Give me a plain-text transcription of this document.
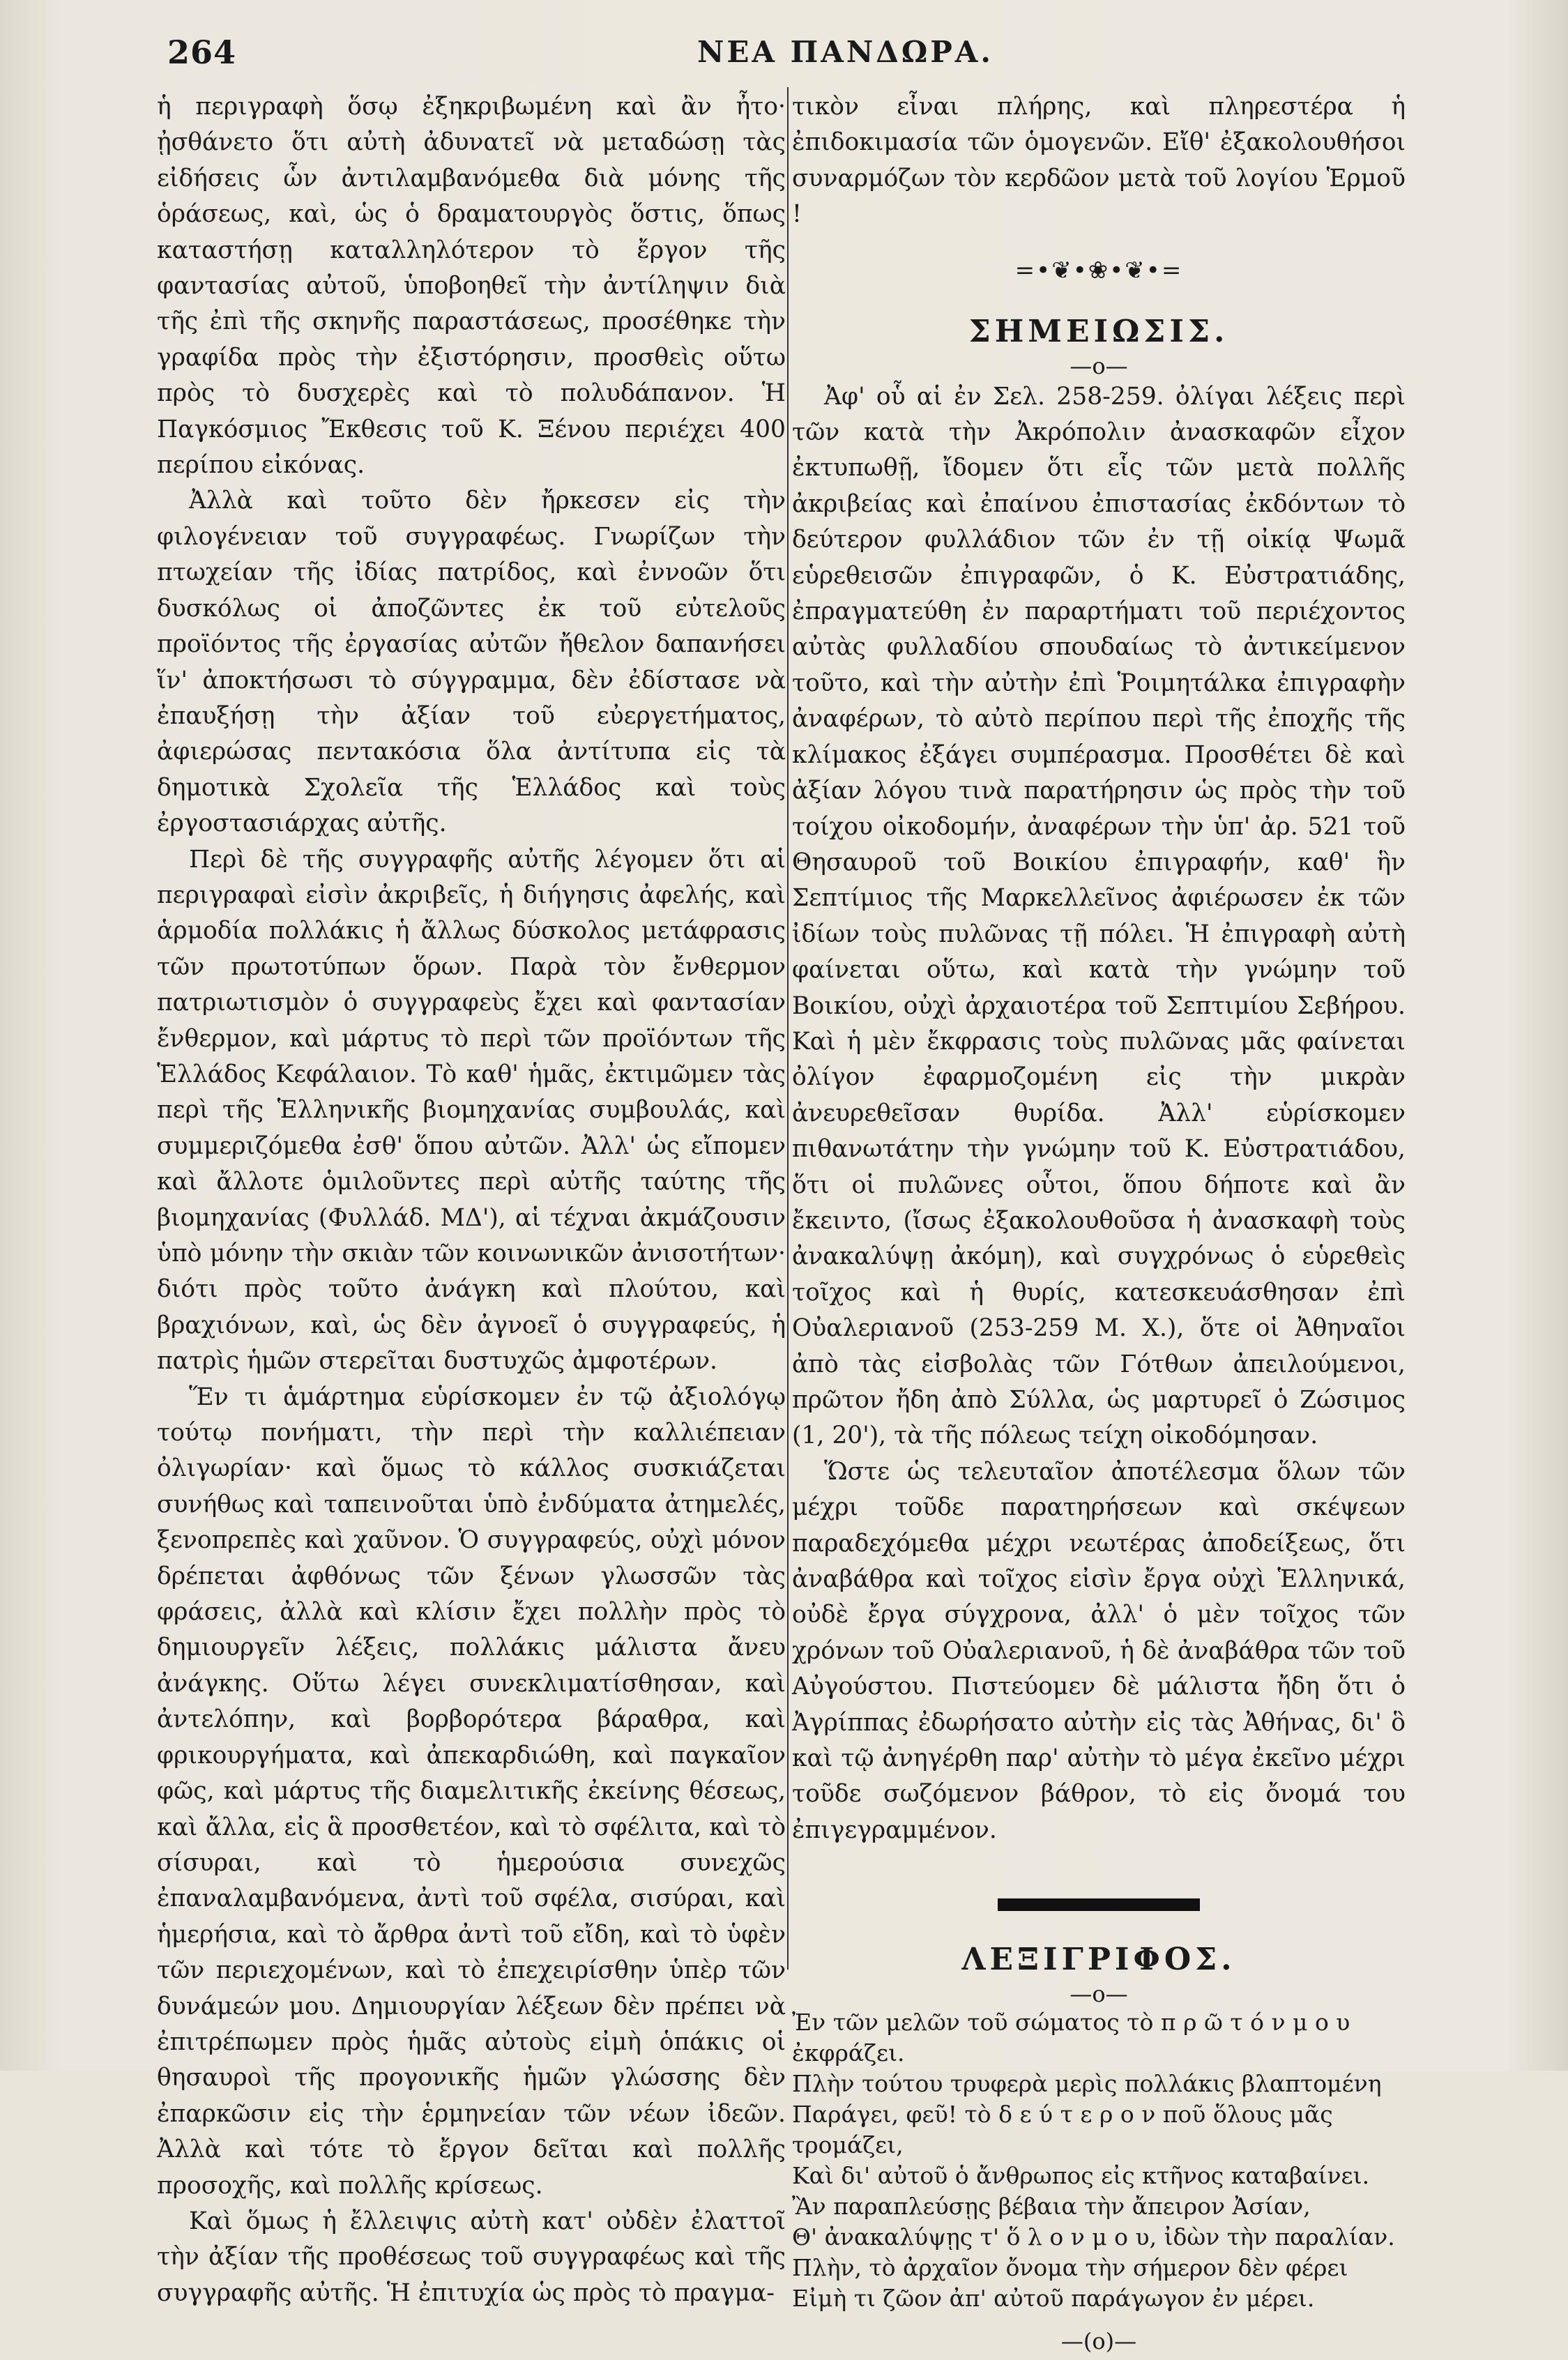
264	ΝΕΑ ΠΑΝΔΩΡΑ.

ἡ περιγραφὴ ὅσῳ ἐξηκριβωμένη καὶ ἂν ἦτο· ᾐσθάνετο ὅτι αὐτὴ ἀδυνατεῖ νὰ μεταδώσῃ τὰς εἰδήσεις ὧν ἀντιλαμβανόμεθα διὰ μόνης τῆς ὁράσεως, καὶ, ὡς ὁ δραματουργὸς ὅστις, ὅπως καταστήσῃ καταλληλότερον τὸ ἔργον τῆς φαντασίας αὐτοῦ, ὑποβοηθεῖ τὴν ἀντίληψιν διὰ τῆς ἐπὶ τῆς σκηνῆς παραστάσεως, προσέθηκε τὴν γραφίδα πρὸς τὴν ἐξιστόρησιν, προσθεὶς οὕτω πρὸς τὸ δυσχερὲς καὶ τὸ πολυδάπανον. Ἡ Παγκόσμιος Ἔκθεσις τοῦ Κ. Ξένου περιέχει 400 περίπου εἰκόνας.

Ἀλλὰ καὶ τοῦτο δὲν ἤρκεσεν εἰς τὴν φιλογένειαν τοῦ συγγραφέως. Γνωρίζων τὴν πτωχείαν τῆς ἰδίας πατρίδος, καὶ ἐννοῶν ὅτι δυσκόλως οἱ ἀποζῶντες ἐκ τοῦ εὐτελοῦς προϊόντος τῆς ἐργασίας αὐτῶν ἤθελον δαπανήσει ἵν' ἀποκτήσωσι τὸ σύγγραμμα, δὲν ἐδίστασε νὰ ἐπαυξήσῃ τὴν ἀξίαν τοῦ εὐεργετήματος, ἀφιερώσας πεντακόσια ὅλα ἀντίτυπα εἰς τὰ δημοτικὰ Σχολεῖα τῆς Ἑλλάδος καὶ τοὺς ἐργοστασιάρχας αὐτῆς.

Περὶ δὲ τῆς συγγραφῆς αὐτῆς λέγομεν ὅτι αἱ περιγραφαὶ εἰσὶν ἀκριβεῖς, ἡ διήγησις ἀφελής, καὶ ἁρμοδία πολλάκις ἡ ἄλλως δύσκολος μετάφρασις τῶν πρωτοτύπων ὅρων. Παρὰ τὸν ἔνθερμον πατριωτισμὸν ὁ συγγραφεὺς ἔχει καὶ φαντασίαν ἔνθερμον, καὶ μάρτυς τὸ περὶ τῶν προϊόντων τῆς Ἑλλάδος Κεφάλαιον. Τὸ καθ' ἡμᾶς, ἐκτιμῶμεν τὰς περὶ τῆς Ἑλληνικῆς βιομηχανίας συμβουλάς, καὶ συμμεριζόμεθα ἐσθ' ὅπου αὐτῶν. Ἀλλ' ὡς εἴπομεν καὶ ἄλλοτε ὁμιλοῦντες περὶ αὐτῆς ταύτης τῆς βιομηχανίας (Φυλλάδ. ΜΔ'), αἱ τέχναι ἀκμάζουσιν ὑπὸ μόνην τὴν σκιὰν τῶν κοινωνικῶν ἀνισοτήτων· διότι πρὸς τοῦτο ἀνάγκη καὶ πλούτου, καὶ βραχιόνων, καὶ, ὡς δὲν ἀγνοεῖ ὁ συγγραφεύς, ἡ πατρὶς ἡμῶν στερεῖται δυστυχῶς ἀμφοτέρων.

Ἕν τι ἁμάρτημα εὑρίσκομεν ἐν τῷ ἀξιολόγῳ τούτῳ πονήματι, τὴν περὶ τὴν καλλιέπειαν ὀλιγωρίαν· καὶ ὅμως τὸ κάλλος συσκιάζεται συνήθως καὶ ταπεινοῦται ὑπὸ ἐνδύματα ἀτημελές, ξενοπρεπὲς καὶ χαῦνον. Ὁ συγγραφεύς, οὐχὶ μόνον δρέπεται ἀφθόνως τῶν ξένων γλωσσῶν τὰς φράσεις, ἀλλὰ καὶ κλίσιν ἔχει πολλὴν πρὸς τὸ δημιουργεῖν λέξεις, πολλάκις μάλιστα ἄνευ ἀνάγκης. Οὕτω λέγει συνεκλιματίσθησαν, καὶ ἀντελόπην, καὶ βορβορότερα βάραθρα, καὶ φρικουργήματα, καὶ ἀπεκαρδιώθη, καὶ παγκαῖον φῶς, καὶ μάρτυς τῆς διαμελιτικῆς ἐκείνης θέσεως, καὶ ἄλλα, εἰς ἃ προσθετέον, καὶ τὸ σφέλιτα, καὶ τὸ σίσυραι, καὶ τὸ ἡμερούσια συνεχῶς ἐπαναλαμβανόμενα, ἀντὶ τοῦ σφέλα, σισύραι, καὶ ἡμερήσια, καὶ τὸ ἄρθρα ἀντὶ τοῦ εἴδη, καὶ τὸ ὑφὲν τῶν περιεχομένων, καὶ τὸ ἐπεχειρίσθην ὑπὲρ τῶν δυνάμεών μου. Δημιουργίαν λέξεων δὲν πρέπει νὰ ἐπιτρέπωμεν πρὸς ἡμᾶς αὐτοὺς εἰμὴ ὁπάκις οἱ θησαυροὶ τῆς προγονικῆς ἡμῶν γλώσσης δὲν ἐπαρκῶσιν εἰς τὴν ἑρμηνείαν τῶν νέων ἰδεῶν. Ἀλλὰ καὶ τότε τὸ ἔργον δεῖται καὶ πολλῆς προσοχῆς, καὶ πολλῆς κρίσεως.

Καὶ ὅμως ἡ ἔλλειψις αὐτὴ κατ' οὐδὲν ἐλαττοῖ τὴν ἀξίαν τῆς προθέσεως τοῦ συγγραφέως καὶ τῆς συγγραφῆς αὐτῆς. Ἡ ἐπιτυχία ὡς πρὸς τὸ πραγμα-

τικὸν εἶναι πλήρης, καὶ πληρεστέρα ἡ ἐπιδοκιμασία τῶν ὁμογενῶν. Εἴθ' ἐξακολουθήσοι συναρμόζων τὸν κερδῶον μετὰ τοῦ λογίου Ἑρμοῦ !

=•❦•❀•❦•=
ΣΗΜΕΙΩΣΙΣ.
—o—

Ἀφ' οὗ αἱ ἐν Σελ. 258-259. ὀλίγαι λέξεις περὶ τῶν κατὰ τὴν Ἀκρόπολιν ἀνασκαφῶν εἶχον ἐκτυπωθῇ, ἴδομεν ὅτι εἷς τῶν μετὰ πολλῆς ἀκριβείας καὶ ἐπαίνου ἐπιστασίας ἐκδόντων τὸ δεύτερον φυλλάδιον τῶν ἐν τῇ οἰκίᾳ Ψωμᾶ εὑρεθεισῶν ἐπιγραφῶν, ὁ Κ. Εὐστρατιάδης, ἐπραγματεύθη ἐν παραρτήματι τοῦ περιέχοντος αὐτὰς φυλλαδίου σπουδαίως τὸ ἀντικείμενον τοῦτο, καὶ τὴν αὐτὴν ἐπὶ Ῥοιμητάλκα ἐπιγραφὴν ἀναφέρων, τὸ αὐτὸ περίπου περὶ τῆς ἐποχῆς τῆς κλίμακος ἐξάγει συμπέρασμα. Προσθέτει δὲ καὶ ἀξίαν λόγου τινὰ παρατήρησιν ὡς πρὸς τὴν τοῦ τοίχου οἰκοδομήν, ἀναφέρων τὴν ὑπ' ἀρ. 521 τοῦ Θησαυροῦ τοῦ Βοικίου ἐπιγραφήν, καθ' ἣν Σεπτίμιος τῆς Μαρκελλεῖνος ἀφιέρωσεν ἐκ τῶν ἰδίων τοὺς πυλῶνας τῇ πόλει. Ἡ ἐπιγραφὴ αὐτὴ φαίνεται οὕτω, καὶ κατὰ τὴν γνώμην τοῦ Βοικίου, οὐχὶ ἀρχαιοτέρα τοῦ Σεπτιμίου Σεβήρου. Καὶ ἡ μὲν ἔκφρασις τοὺς πυλῶνας μᾶς φαίνεται ὀλίγον ἐφαρμοζομένη εἰς τὴν μικρὰν ἀνευρεθεῖσαν θυρίδα. Ἀλλ' εὑρίσκομεν πιθανωτάτην τὴν γνώμην τοῦ Κ. Εὐστρατιάδου, ὅτι οἱ πυλῶνες οὗτοι, ὅπου δήποτε καὶ ἂν ἔκειντο, (ἴσως ἐξακολουθοῦσα ἡ ἀνασκαφὴ τοὺς ἀνακαλύψῃ ἀκόμη), καὶ συγχρόνως ὁ εὑρεθεὶς τοῖχος καὶ ἡ θυρίς, κατεσκευάσθησαν ἐπὶ Οὐαλεριανοῦ (253-259 Μ. Χ.), ὅτε οἱ Ἀθηναῖοι ἀπὸ τὰς εἰσβολὰς τῶν Γότθων ἀπειλούμενοι, πρῶτον ἤδη ἀπὸ Σύλλα, ὡς μαρτυρεῖ ὁ Ζώσιμος (1, 20'), τὰ τῆς πόλεως τείχη οἰκοδόμησαν.

Ὥστε ὡς τελευταῖον ἀποτέλεσμα ὅλων τῶν μέχρι τοῦδε παρατηρήσεων καὶ σκέψεων παραδεχόμεθα μέχρι νεωτέρας ἀποδείξεως, ὅτι ἀναβάθρα καὶ τοῖχος εἰσὶν ἔργα οὐχὶ Ἑλληνικά, οὐδὲ ἔργα σύγχρονα, ἀλλ' ὁ μὲν τοῖχος τῶν χρόνων τοῦ Οὐαλεριανοῦ, ἡ δὲ ἀναβάθρα τῶν τοῦ Αὐγούστου. Πιστεύομεν δὲ μάλιστα ἤδη ὅτι ὁ Ἀγρίππας ἐδωρήσατο αὐτὴν εἰς τὰς Ἀθήνας, δι' ὃ καὶ τῷ ἀνηγέρθη παρ' αὐτὴν τὸ μέγα ἐκεῖνο μέχρι τοῦδε σωζόμενον βάθρον, τὸ εἰς ὄνομά του ἐπιγεγραμμένον.

ΛΕΞΙΓΡΙΦΟΣ.
—o—

Ἐν τῶν μελῶν τοῦ σώματος τὸ π ρ ῶ τ ό ν μ ο υ ἐκφράζει.

Πλὴν τούτου τρυφερὰ μερὶς πολλάκις βλαπτομένη

Παράγει, φεῦ! τὸ δ ε ύ τ ε ρ ο ν ποῦ ὅλους μᾶς τρομάζει,

Καὶ δι' αὐτοῦ ὁ ἄνθρωπος εἰς κτῆνος καταβαίνει.

Ἂν παραπλεύσῃς βέβαια τὴν ἄπειρον Ἀσίαν,

Θ' ἀνακαλύψῃς τ' ὅ λ ο ν μ ο υ, ἰδὼν τὴν παραλίαν.

Πλὴν, τὸ ἀρχαῖον ὄνομα τὴν σήμερον δὲν φέρει

Εἰμὴ τι ζῶον ἀπ' αὐτοῦ παράγωγον ἐν μέρει.

—(o)—
